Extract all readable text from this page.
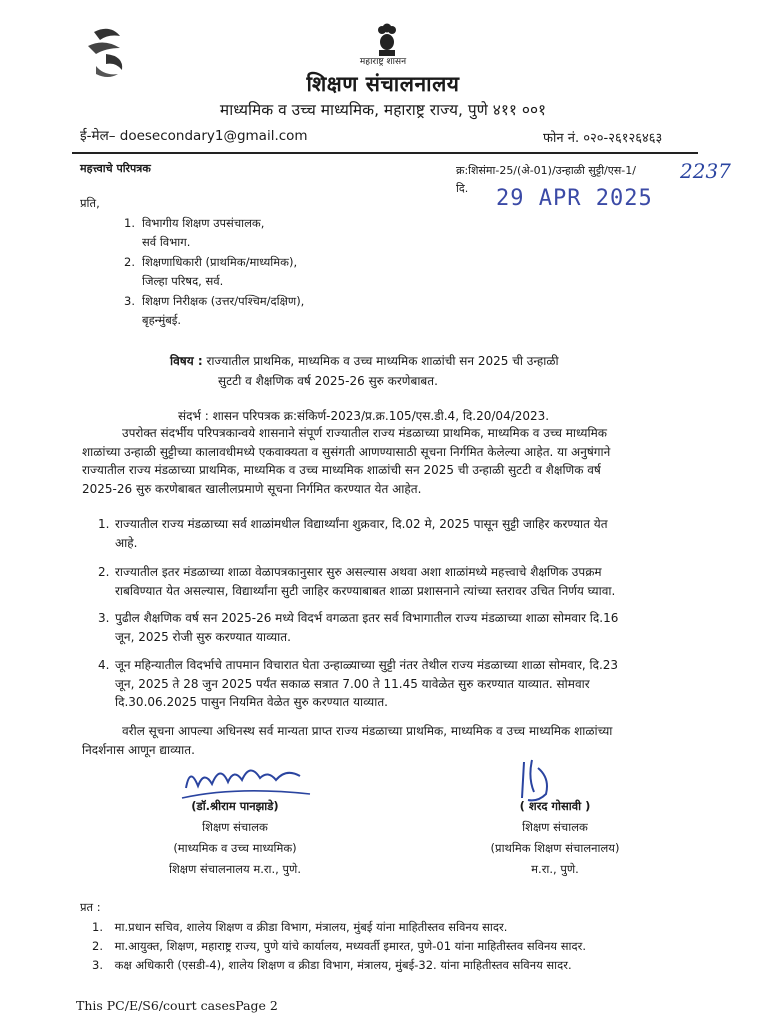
महाराष्ट्र शासन
शिक्षण संचालनालय
माध्यमिक व उच्च माध्यमिक, महाराष्ट्र राज्य, पुणे ४११ ००१
ई-मेल– doesecondary1@gmail.com	फोन नं. ०२०-२६१२६४६३
महत्त्वाचे परिपत्रक	क्र:शिसंमा-25/(अे-01)/उन्हाळी सुट्टी/एस-1/ 2237
दि. 29 APR 2025
प्रति,
1. विभागीय शिक्षण उपसंचालक,
सर्व विभाग.
2. शिक्षणाधिकारी (प्राथमिक/माध्यमिक),
जिल्हा परिषद, सर्व.
3. शिक्षण निरीक्षक (उत्तर/पश्चिम/दक्षिण),
बृहन्मुंबई.
विषय : राज्यातील प्राथमिक, माध्यमिक व उच्च माध्यमिक शाळांची सन 2025 ची उन्हाळी
सुटटी व शैक्षणिक वर्ष 2025-26 सुरु करणेबाबत.
संदर्भ : शासन परिपत्रक क्र:संकिर्ण-2023/प्र.क्र.105/एस.डी.4, दि.20/04/2023.
उपरोक्त संदर्भीय परिपत्रकान्वये शासनाने संपूर्ण राज्यातील राज्य मंडळाच्या प्राथमिक, माध्यमिक व उच्च माध्यमिक
शाळांच्या उन्हाळी सुट्टीच्या कालावधीमध्ये एकवाक्यता व सुसंगती आणण्यासाठी सूचना निर्गमित केलेल्या आहेत. या अनुषंगाने
राज्यातील राज्य मंडळाच्या प्राथमिक, माध्यमिक व उच्च माध्यमिक शाळांची सन 2025 ची उन्हाळी सुटटी व शैक्षणिक वर्ष
2025-26 सुरु करणेबाबत खालीलप्रमाणे सूचना निर्गमित करण्यात येत आहेत.
1. राज्यातील राज्य मंडळाच्या सर्व शाळांमधील विद्यार्थ्यांना शुक्रवार, दि.02 मे, 2025 पासून सुट्टी जाहिर करण्यात येत
आहे.
2. राज्यातील इतर मंडळाच्या शाळा वेळापत्रकानुसार सुरु असल्यास अथवा अशा शाळांमध्ये महत्त्वाचे शैक्षणिक उपक्रम
राबविण्यात येत असल्यास, विद्यार्थ्यांना सुटी जाहिर करण्याबाबत शाळा प्रशासनाने त्यांच्या स्तरावर उचित निर्णय घ्यावा.
3. पुढील शैक्षणिक वर्ष सन 2025-26 मध्ये विदर्भ वगळता इतर सर्व विभागातील राज्य मंडळाच्या शाळा सोमवार दि.16
जून, 2025 रोजी सुरु करण्यात याव्यात.
4. जून महिन्यातील विदर्भाचे तापमान विचारात घेता उन्हाळ्याच्या सुट्टी नंतर तेथील राज्य मंडळाच्या शाळा सोमवार, दि.23
जून, 2025 ते 28 जुन 2025 पर्यंत सकाळ सत्रात 7.00 ते 11.45 यावेळेत सुरु करण्यात याव्यात. सोमवार
दि.30.06.2025 पासुन नियमित वेळेत सुरु करण्यात याव्यात.
वरील सूचना आपल्या अधिनस्थ सर्व मान्यता प्राप्त राज्य मंडळाच्या प्राथमिक, माध्यमिक व उच्च माध्यमिक शाळांच्या
निदर्शनास आणून द्याव्यात.
(डॉ.श्रीराम पानझाडे)
शिक्षण संचालक
(माध्यमिक व उच्च माध्यमिक)
शिक्षण संचालनालय म.रा., पुणे.
( शरद गोसावी )
शिक्षण संचालक
(प्राथमिक शिक्षण संचालनालय)
म.रा., पुणे.
प्रत :
1. मा.प्रधान सचिव, शालेय शिक्षण व क्रीडा विभाग, मंत्रालय, मुंबई यांना माहितीस्तव सविनय सादर.
2. मा.आयुक्त, शिक्षण, महाराष्ट्र राज्य, पुणे यांचे कार्यालय, मध्यवर्ती इमारत, पुणे-01 यांना माहितीस्तव सविनय सादर.
3. कक्ष अधिकारी (एसडी-4), शालेय शिक्षण व क्रीडा विभाग, मंत्रालय, मुंबई-32. यांना माहितीस्तव सविनय सादर.
This PC/E/S6/court casesPage 2
